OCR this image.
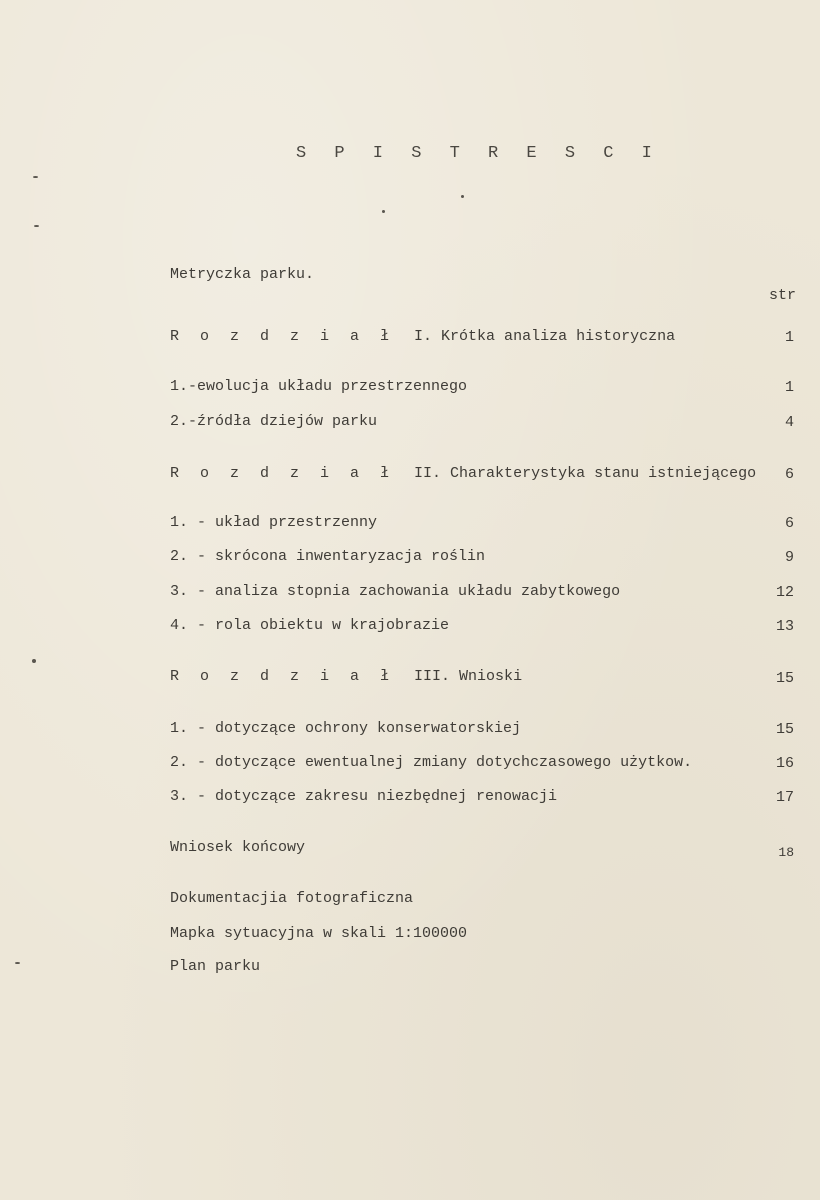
S P I S T R E S C I
Metryczka parku.
str
R o z d z i a ł I. Krótka analiza historyczna	1
1.-ewolucja układu przestrzennego	1
2.-źródła dziejów parku	4
R o z d z i a ł II. Charakterystyka stanu istniejącego 6
1. - układ przestrzenny	6
2. - skrócona inwentaryzacja roślin	9
3. - analiza stopnia zachowania układu zabytkowego	12
4. - rola obiektu w krajobrazie	13
R o z d z i a ł III. Wnioski	15
1. - dotyczące ochrony konserwatorskiej	15
2. - dotyczące ewentualnej zmiany dotychczasowego użytkow.	16
3. - dotyczące zakresu niezbędnej renowacji	17
Wniosek końcowy	18
Dokumentacjia fotograficzna
Mapka sytuacyjna w skali 1:100000
Plan parku
